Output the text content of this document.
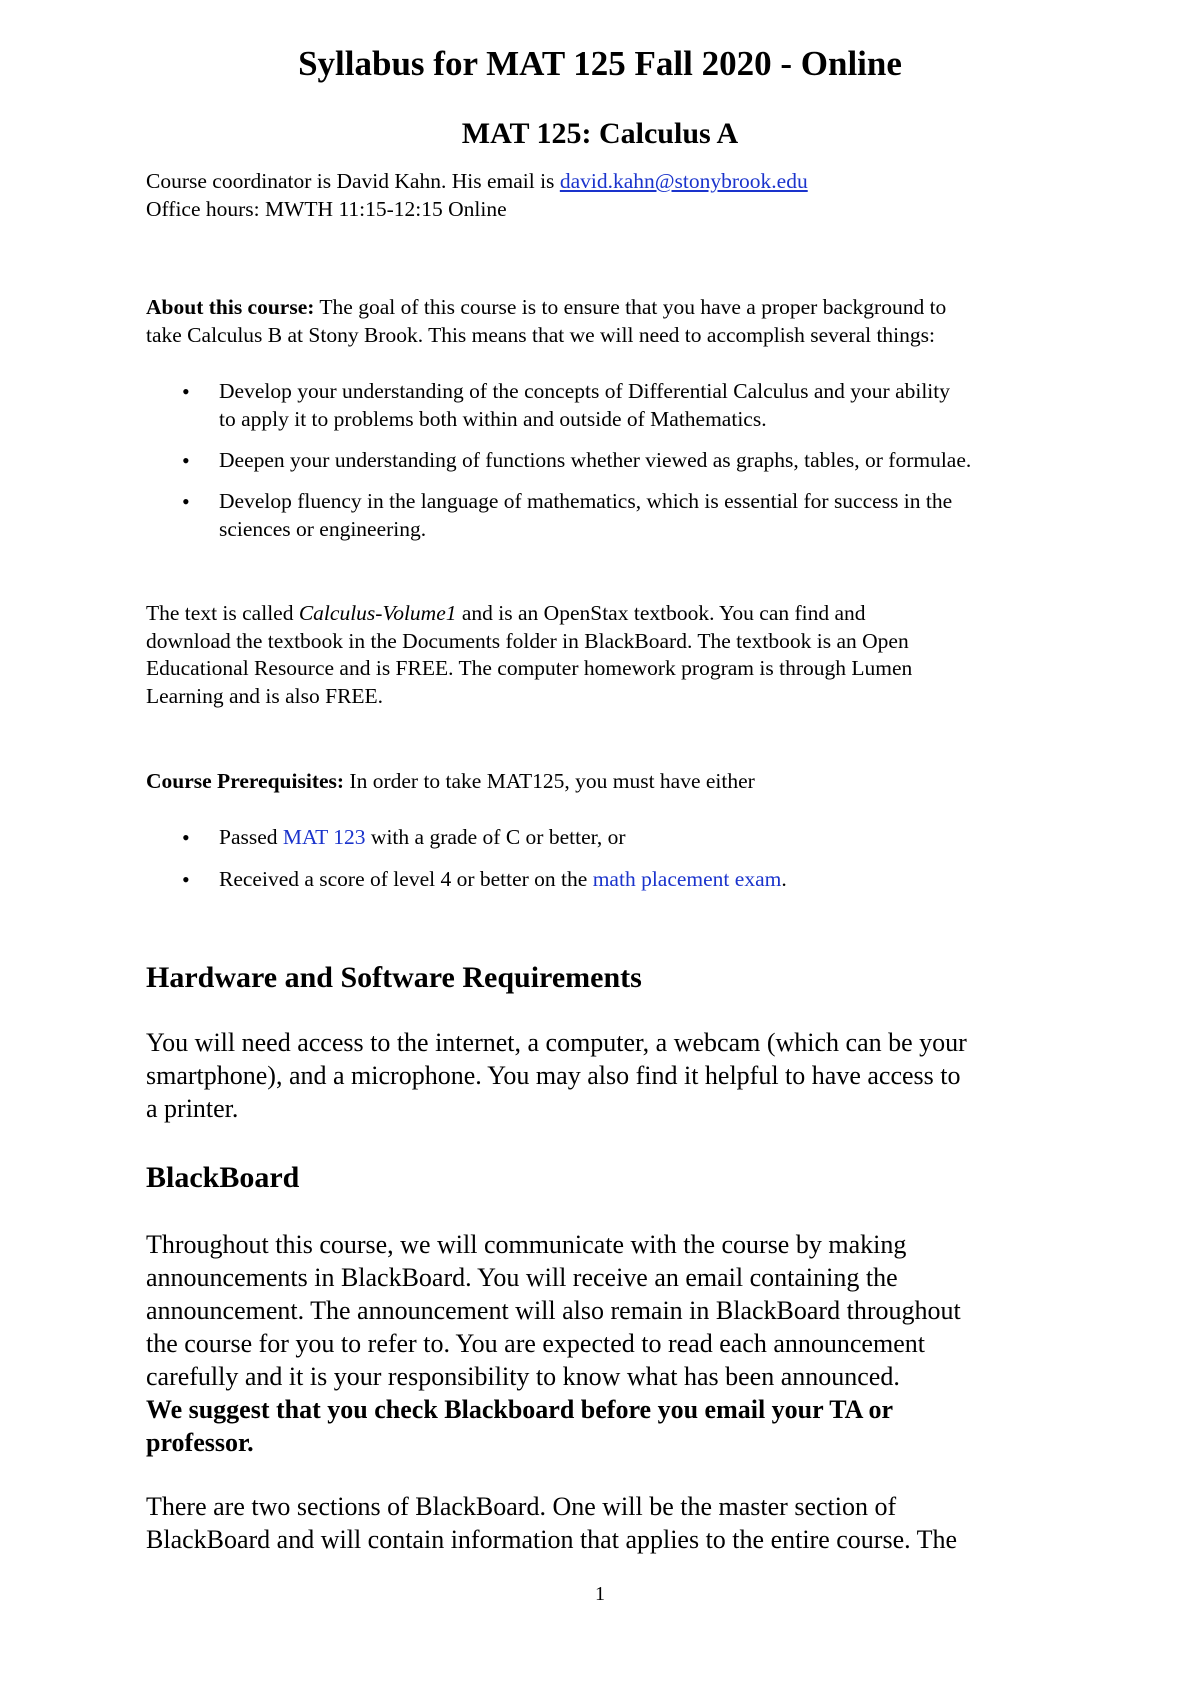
Syllabus for MAT 125 Fall 2020 - Online
MAT 125: Calculus A
Course coordinator is David Kahn. His email is david.kahn@stonybrook.edu
Office hours: MWTH 11:15-12:15 Online
About this course: The goal of this course is to ensure that you have a proper background to
take Calculus B at Stony Brook. This means that we will need to accomplish several things:
• Develop your understanding of the concepts of Differential Calculus and your ability
to apply it to problems both within and outside of Mathematics.
• Deepen your understanding of functions whether viewed as graphs, tables, or formulae.
• Develop fluency in the language of mathematics, which is essential for success in the
sciences or engineering.
The text is called Calculus-Volume1 and is an OpenStax textbook. You can find and
download the textbook in the Documents folder in BlackBoard. The textbook is an Open
Educational Resource and is FREE. The computer homework program is through Lumen
Learning and is also FREE.
Course Prerequisites: In order to take MAT125, you must have either
• Passed MAT 123 with a grade of C or better, or
• Received a score of level 4 or better on the math placement exam.
Hardware and Software Requirements
You will need access to the internet, a computer, a webcam (which can be your
smartphone), and a microphone. You may also find it helpful to have access to
a printer.
BlackBoard
Throughout this course, we will communicate with the course by making
announcements in BlackBoard. You will receive an email containing the
announcement. The announcement will also remain in BlackBoard throughout
the course for you to refer to. You are expected to read each announcement
carefully and it is your responsibility to know what has been announced.
We suggest that you check Blackboard before you email your TA or
professor.
There are two sections of BlackBoard. One will be the master section of
BlackBoard and will contain information that applies to the entire course. The
1
